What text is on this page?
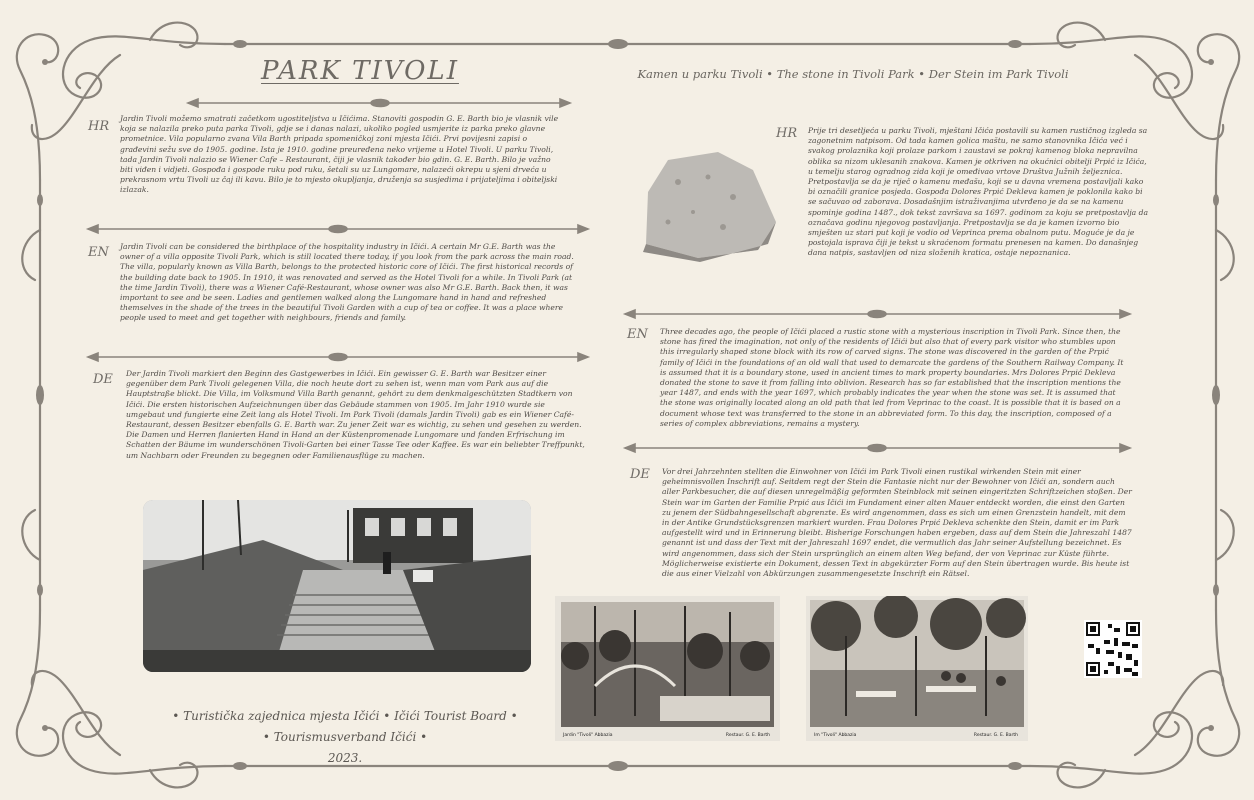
PARK TIVOLI	Kamen u parku Tivoli • The stone in Tivoli Park • Der Stein im Park Tivoli
HR
Jardin Tivoli možemo smatrati začetkom ugostiteljstva u Ičićima. Stanoviti gospodin G. E. Barth bio je vlasnik vile koja se nalazila preko puta parka Tivoli, gdje se i danas nalazi, ukoliko pogled usmjerite iz parka preko glavne prometnice. Vila popularno zvana Vila Barth pripada spomeničkoj zoni mjesta Ičići. Prvi povijesni zapisi o građevini sežu sve do 1905. godine. Ista je 1910. godine preuređena neko vrijeme u Hotel Tivoli. U parku Tivoli, tada Jardin Tivoli nalazio se Wiener Cafe – Restaurant, čiji je vlasnik također bio gdin. G. E. Barth. Bilo je važno biti viđen i vidjeti. Gospođa i gospode ruku pod ruku, šetali su uz Lungomare, nalazeći okrepu u sjeni drveća u prekrasnom vrtu Tivoli uz čaj ili kavu. Bilo je to mjesto okupljanja, druženja sa susjedima i prijateljima i obiteljski izlazak.
EN Jardin Tivoli can be considered the birthplace of the hospitality industry in Ičići. A certain Mr G.E. Barth was the owner of a villa opposite Tivoli Park, which is still located there today, if you look from the park across the main road. The villa, popularly known as Villa Barth, belongs to the protected historic core of Ičići. The first historical records of the building date back to 1905. In 1910, it was renovated and served as the Hotel Tivoli for a while. In Tivoli Park (at the time Jardin Tivoli), there was a Wiener Café-Restaurant, whose owner was also Mr G.E. Barth. Back then, it was important to see and be seen. Ladies and gentlemen walked along the Lungomare hand in hand and refreshed themselves in the shade of the trees in the beautiful Tivoli Garden with a cup of tea or coffee. It was a place where people used to meet and get together with neighbours, friends and family.
DE Der Jardin Tivoli markiert den Beginn des Gastgewerbes in Ičići. Ein gewisser G. E. Barth war Besitzer einer gegenüber dem Park Tivoli gelegenen Villa, die noch heute dort zu sehen ist, wenn man vom Park aus auf die Hauptstraße blickt. Die Villa, im Volksmund Villa Barth genannt, gehört zu dem denkmalgeschützten Stadtkern von Ičići. Die ersten historischen Aufzeichnungen über das Gebäude stammen von 1905. Im Jahr 1910 wurde sie umgebaut und fungierte eine Zeit lang als Hotel Tivoli. Im Park Tivoli (damals Jardin Tivoli) gab es ein Wiener Café-Restaurant, dessen Besitzer ebenfalls G. E. Barth war. Zu jener Zeit war es wichtig, zu sehen und gesehen zu werden. Die Damen und Herren flanierten Hand in Hand an der Küstenpromenade Lungomare und fanden Erfrischung im Schatten der Bäume im wunderschönen Tivoli-Garten bei einer Tasse Tee oder Kaffee. Es war ein beliebter Treffpunkt, um Nachbarn oder Freunden zu begegnen oder Familienausflüge zu machen.
HR Prije tri desetljeća u parku Tivoli, mještani Ičića postavili su kamen rustičnog izgleda sa zagonetnim natpisom. Od tada kamen golica maštu, ne samo stanovnika Ičića već i svakog prolaznika koji prolaze parkom i zaustavi se pokraj kamenog bloka nepravilna oblika sa nizom uklesanih znakova. Kamen je otkriven na okućnici obitelji Prpić iz Ičića, u temelju starog ogradnog zida koji je omeđivao vrtove Društva Južnih željeznica. Pretpostavlja se da je riječ o kamenu međašu, koji se u davna vremena postavljali kako bi označili granice posjeda. Gospođa Dolores Prpić Dekleva kamen je poklonila kako bi se sačuvao od zaborava. Dosadašnjim istraživanjima utvrđeno je da se na kamenu spominje godina 1487., dok tekst završava sa 1697. godinom za koju se pretpostavlja da označava godinu njegovog postavljanja. Pretpostavlja se da je kamen izvorno bio smješten uz stari put koji je vodio od Veprinca prema obalnom putu. Moguće je da je postojala isprava čiji je tekst u skraćenom formatu prenesen na kamen. Do današnjeg dana natpis, sastavljen od niza složenih kratica, ostaje nepoznanica.
EN Three decades ago, the people of Ičići placed a rustic stone with a mysterious inscription in Tivoli Park. Since then, the stone has fired the imagination, not only of the residents of Ičići but also that of every park visitor who stumbles upon this irregularly shaped stone block with its row of carved signs. The stone was discovered in the garden of the Prpić family of Ičići in the foundations of an old wall that used to demarcate the gardens of the Southern Railway Company. It is assumed that it is a boundary stone, used in ancient times to mark property boundaries. Mrs Dolores Prpić Dekleva donated the stone to save it from falling into oblivion. Research has so far established that the inscription mentions the year 1487, and ends with the year 1697, which probably indicates the year when the stone was set. It is assumed that the stone was originally located along an old path that led from Veprinac to the coast. It is possible that it is based on a document whose text was transferred to the stone in an abbreviated form. To this day, the inscription, composed of a series of complex abbreviations, remains a mystery.
DE Vor drei Jahrzehnten stellten die Einwohner von Ičići im Park Tivoli einen rustikal wirkenden Stein mit einer geheimnisvollen Inschrift auf. Seitdem regt der Stein die Fantasie nicht nur der Bewohner von Ičići an, sondern auch aller Parkbesucher, die auf diesen unregelmäßig geformten Steinblock mit seinen eingeritzten Schriftzeichen stoßen. Der Stein war im Garten der Familie Prpić aus Ičići im Fundament einer alten Mauer entdeckt worden, die einst den Garten zu jenem der Südbahngesellschaft abgrenzte. Es wird angenommen, dass es sich um einen Grenzstein handelt, mit dem in der Antike Grundstücksgrenzen markiert wurden. Frau Dolores Prpić Dekleva schenkte den Stein, damit er im Park aufgestellt wird und in Erinnerung bleibt. Bisherige Forschungen haben ergeben, dass auf dem Stein die Jahreszahl 1487 genannt ist und dass der Text mit der Jahreszahl 1697 endet, die vermutlich das Jahr seiner Aufstellung bezeichnet. Es wird angenommen, dass sich der Stein ursprünglich an einem alten Weg befand, der von Veprinac zur Küste führte. Möglicherweise existierte ein Dokument, dessen Text in abgekürzter Form auf den Stein übertragen wurde. Bis heute ist die aus einer Vielzahl von Abkürzungen zusammengesetzte Inschrift ein Rätsel.
Jardin "Tivoli" Abbazia	Restaur. G. E. Barth	Im "Tivoli" Abbazia	Restaur. G. E. Barth
• Turistička zajednica mjesta Ičići • Ičići Tourist Board •
• Tourismusverband Ičići •
2023.
